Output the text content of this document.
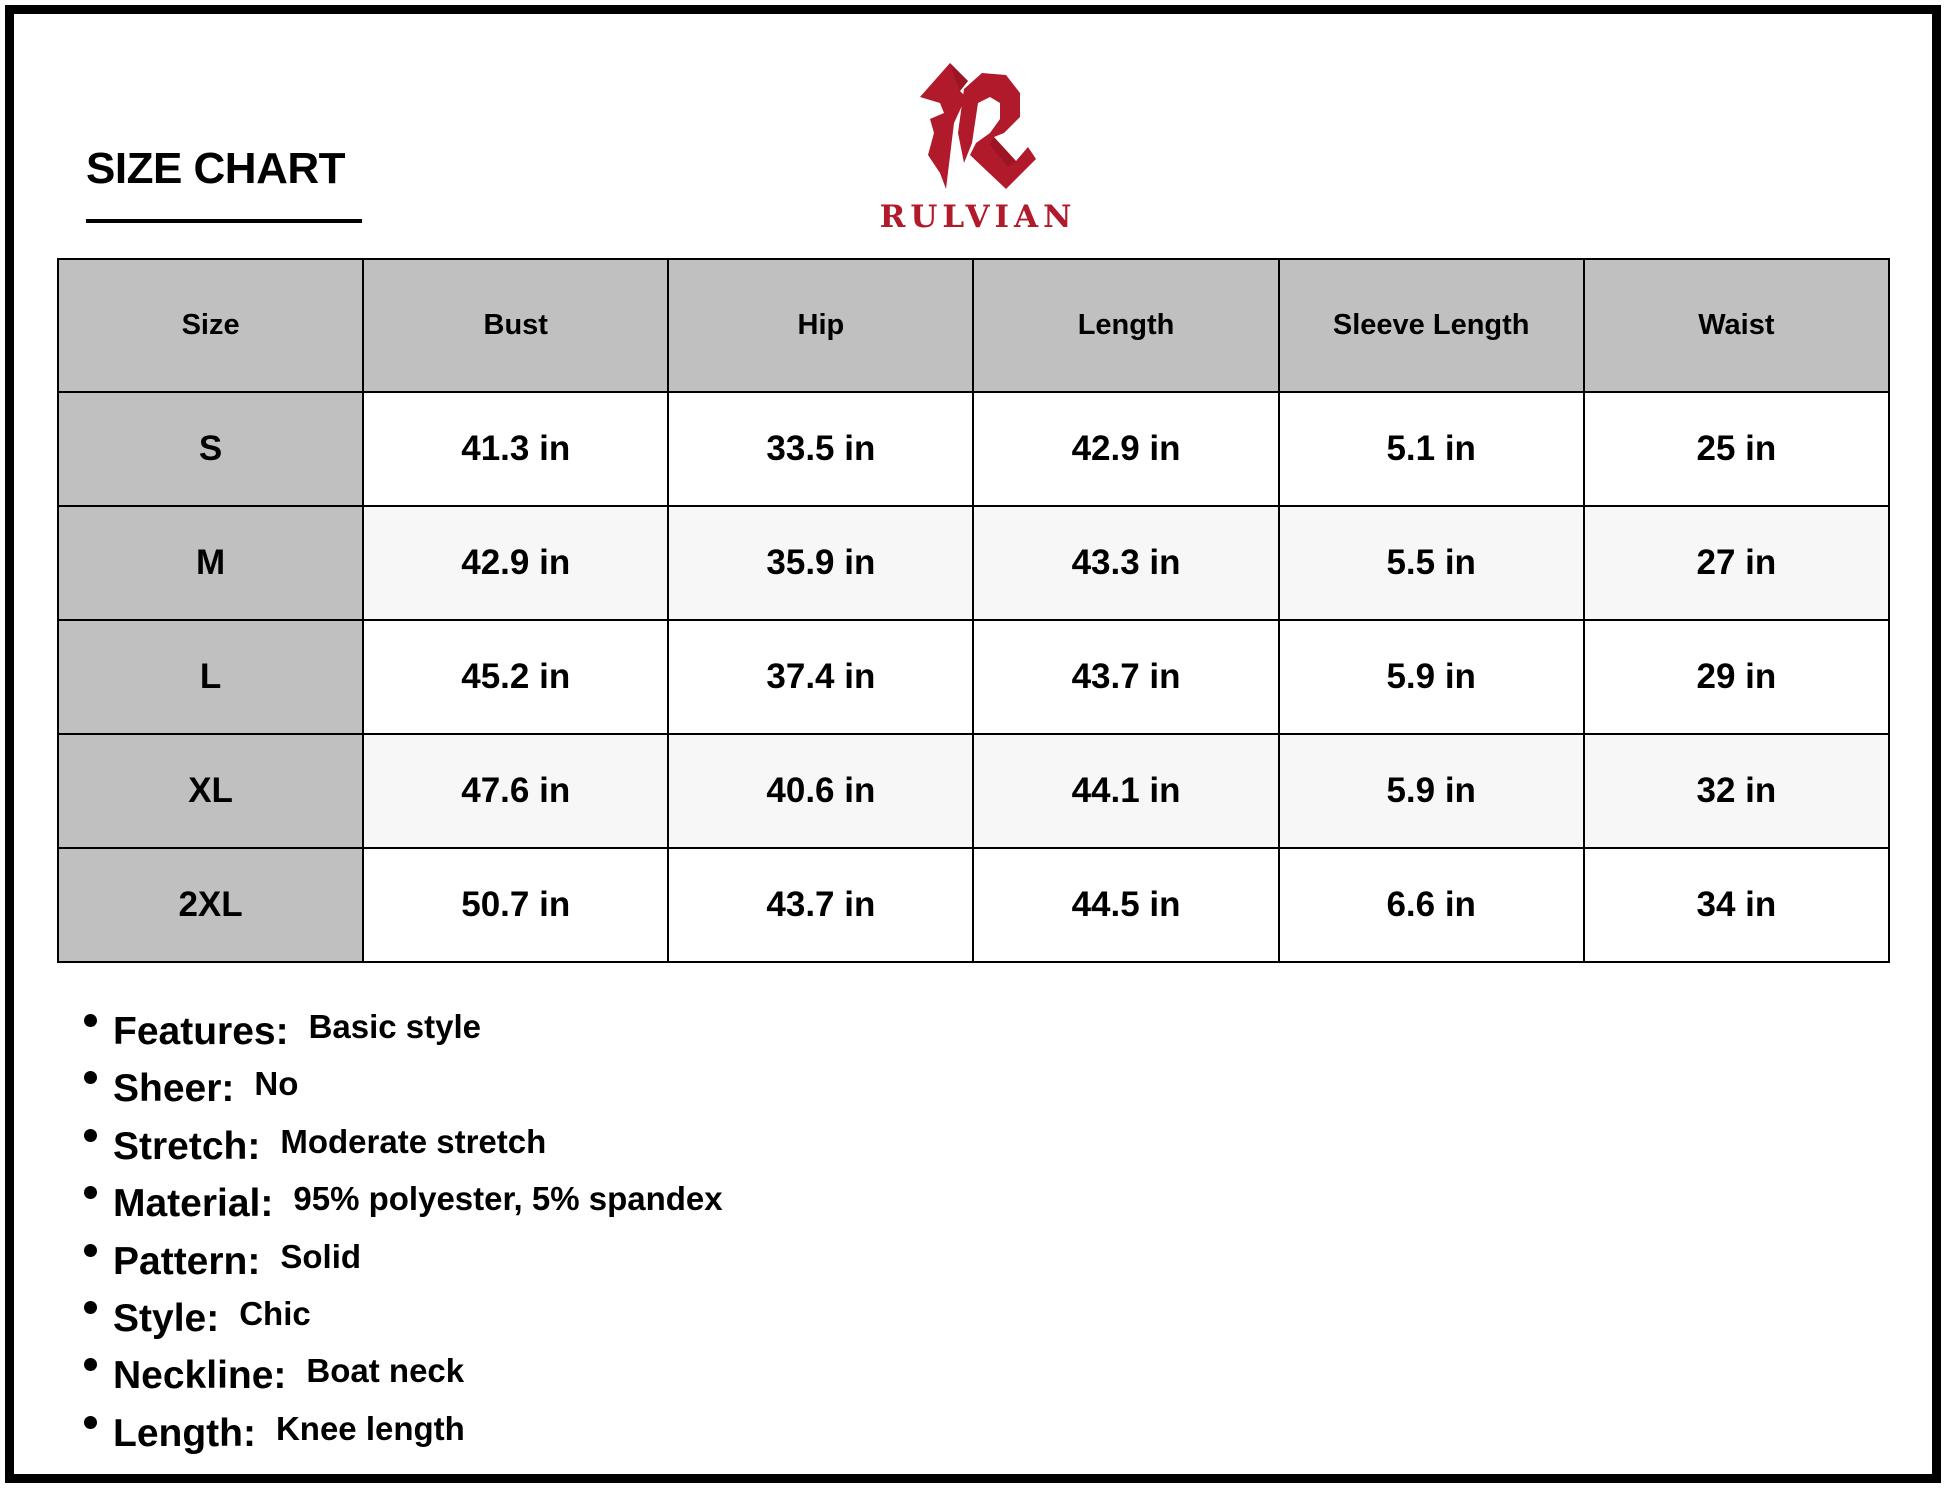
SIZE CHART
RULVIAN
Size	Bust	Hip	Length	Sleeve Length	Waist
S	41.3 in	33.5 in	42.9 in	5.1 in	25 in
M	42.9 in	35.9 in	43.3 in	5.5 in	27 in
L	45.2 in	37.4 in	43.7 in	5.9 in	29 in
XL	47.6 in	40.6 in	44.1 in	5.9 in	32 in
2XL	50.7 in	43.7 in	44.5 in	6.6 in	34 in
Features: Basic style
Sheer: No
Stretch: Moderate stretch
Material: 95% polyester, 5% spandex
Pattern: Solid
Style: Chic
Neckline: Boat neck
Length: Knee length
